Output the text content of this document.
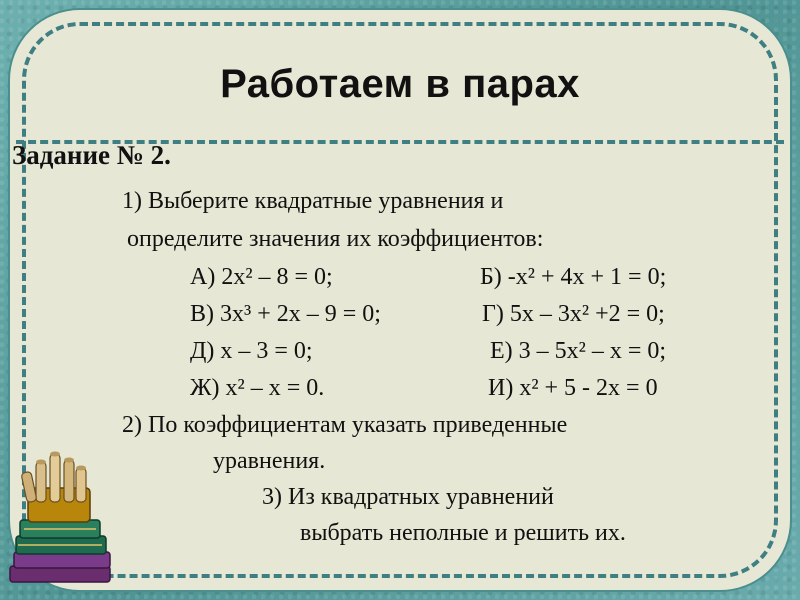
Работаем в парах
Задание № 2.
1) Выберите квадратные уравнения и
определите значения их коэффициентов:
А) 2х² – 8 = 0;	Б) -х² + 4х + 1 = 0;
В) 3х³ + 2х – 9 = 0;	Г) 5х – 3х² +2 = 0;
Д) х – 3 = 0;	Е) 3 – 5х² – х = 0;
Ж) х² – х = 0.	И) х² + 5 - 2х = 0
2) По коэффициентам указать приведенные
уравнения.
3) Из квадратных уравнений
выбрать неполные и решить их.
